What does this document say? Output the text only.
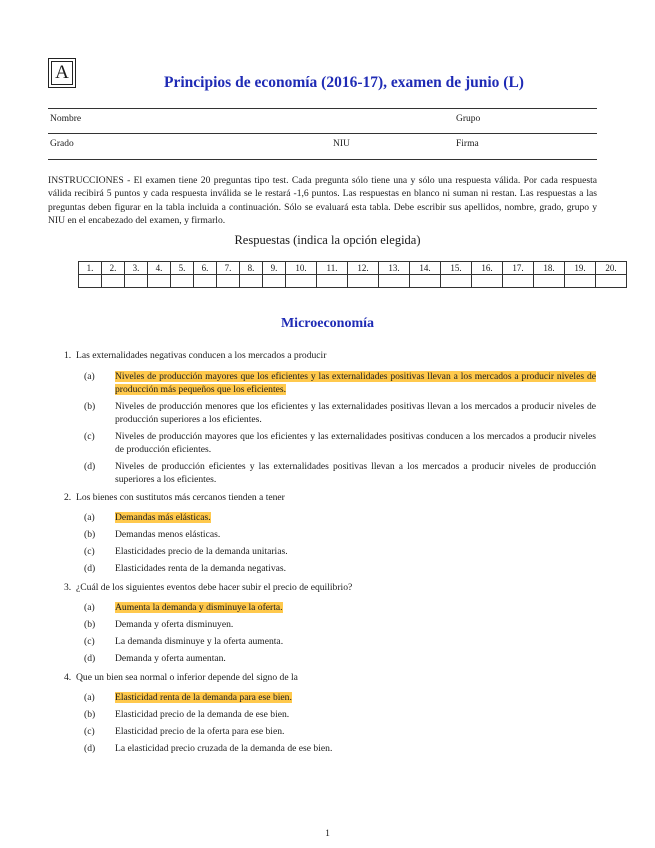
A	Principios de economía (2016-17), examen de junio (L)
Nombre	Grupo
Grado	NIU	Firma
INSTRUCCIONES - El examen tiene 20 preguntas tipo test. Cada pregunta sólo tiene una y sólo una respuesta válida. Por cada respuesta válida recibirá 5 puntos y cada respuesta inválida se le restará -1,6 puntos. Las respuestas en blanco ni suman ni restan. Las respuestas a las preguntas deben figurar en la tabla incluida a continuación. Sólo se evaluará esta tabla. Debe escribir sus apellidos, nombre, grado, grupo y NIU en el encabezado del examen, y firmarlo.
Respuestas (indica la opción elegida)
1.	2.	3.	4.	5.	6.	7.	8.	9.	10.	11.	12.	13.	14.	15.	16.	17.	18.	19.	20.

Microeconomía
1. Las externalidades negativas conducen a los mercados a producir
(a)	Niveles de producción mayores que los eficientes y las externalidades positivas llevan a los mercados a producir niveles de producción más pequeños que los eficientes.
(b)	Niveles de producción menores que los eficientes y las externalidades positivas llevan a los mercados a producir niveles de producción superiores a los eficientes.
(c)	Niveles de producción mayores que los eficientes y las externalidades positivas conducen a los mercados a producir niveles de producción eficientes.
(d)	Niveles de producción eficientes y las externalidades positivas llevan a los mercados a producir niveles de producción superiores a los eficientes.
2. Los bienes con sustitutos más cercanos tienden a tener
(a)	Demandas más elásticas.
(b)	Demandas menos elásticas.
(c)	Elasticidades precio de la demanda unitarias.
(d)	Elasticidades renta de la demanda negativas.
3. ¿Cuál de los siguientes eventos debe hacer subir el precio de equilibrio?
(a)	Aumenta la demanda y disminuye la oferta.
(b)	Demanda y oferta disminuyen.
(c)	La demanda disminuye y la oferta aumenta.
(d)	Demanda y oferta aumentan.
4. Que un bien sea normal o inferior depende del signo de la
(a)	Elasticidad renta de la demanda para ese bien.
(b)	Elasticidad precio de la demanda de ese bien.
(c)	Elasticidad precio de la oferta para ese bien.
(d)	La elasticidad precio cruzada de la demanda de ese bien.
1
